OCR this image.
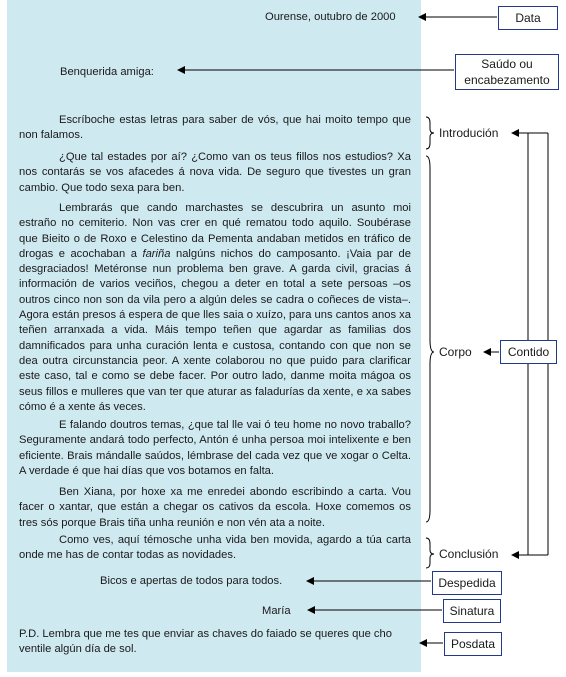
Ourense, outubro de 2000
Benquerida amiga:

Escríboche estas letras para saber de vós, que hai moito tempo que non falamos.

¿Que tal estades por aí? ¿Como van os teus fillos nos estudios? Xa nos contarás se vos afacedes á nova vida. De seguro que tivestes un gran cambio. Que todo sexa para ben.

Lembrarás que cando marchastes se descubrira un asunto moi estraño no cemiterio. Non vas crer en qué rematou todo aquilo. Soubérase que Bieito o de Roxo e Celestino da Pementa andaban metidos en tráfico de drogas e acochaban a fariña nalgúns nichos do camposanto. ¡Vaia par de desgraciados! Metéronse nun problema ben grave. A garda civil, gracias á información de varios veciños, chegou a deter en total a sete persoas –os outros cinco non son da vila pero a algún deles se cadra o coñeces de vista–. Agora están presos á espera de que lles saia o xuízo, para uns cantos anos xa teñen arranxada a vida. Máis tempo teñen que agardar as familias dos damnificados para unha curación lenta e custosa, contando con que non se dea outra circunstancia peor. A xente colaborou no que puido para clarificar este caso, tal e como se debe facer. Por outro lado, danme moita mágoa os seus fillos e mulleres que van ter que aturar as faladurías da xente, e xa sabes cómo é a xente ás veces.

E falando doutros temas, ¿que tal lle vai ó teu home no novo traballo? Seguramente andará todo perfecto, Antón é unha persoa moi intelixente e ben eficiente. Brais mándalle saúdos, lémbrase del cada vez que ve xogar o Celta. A verdade é que hai días que vos botamos en falta.

Ben Xiana, por hoxe xa me enredei abondo escribindo a carta. Vou facer o xantar, que están a chegar os cativos da escola. Hoxe comemos os tres sós porque Brais tiña unha reunión e non vén ata a noite.

Como ves, aquí témosche unha vida ben movida, agardo a túa carta onde me has de contar todas as novidades.

Bicos e apertas de todos para todos.
María

P.D. Lembra que me tes que enviar as chaves do faiado se queres que cho ventile algún día de sol.

Data
Saúdo ou encabezamento
Introdución
Corpo	Contido
Conclusión
Despedida
Sinatura
Posdata
